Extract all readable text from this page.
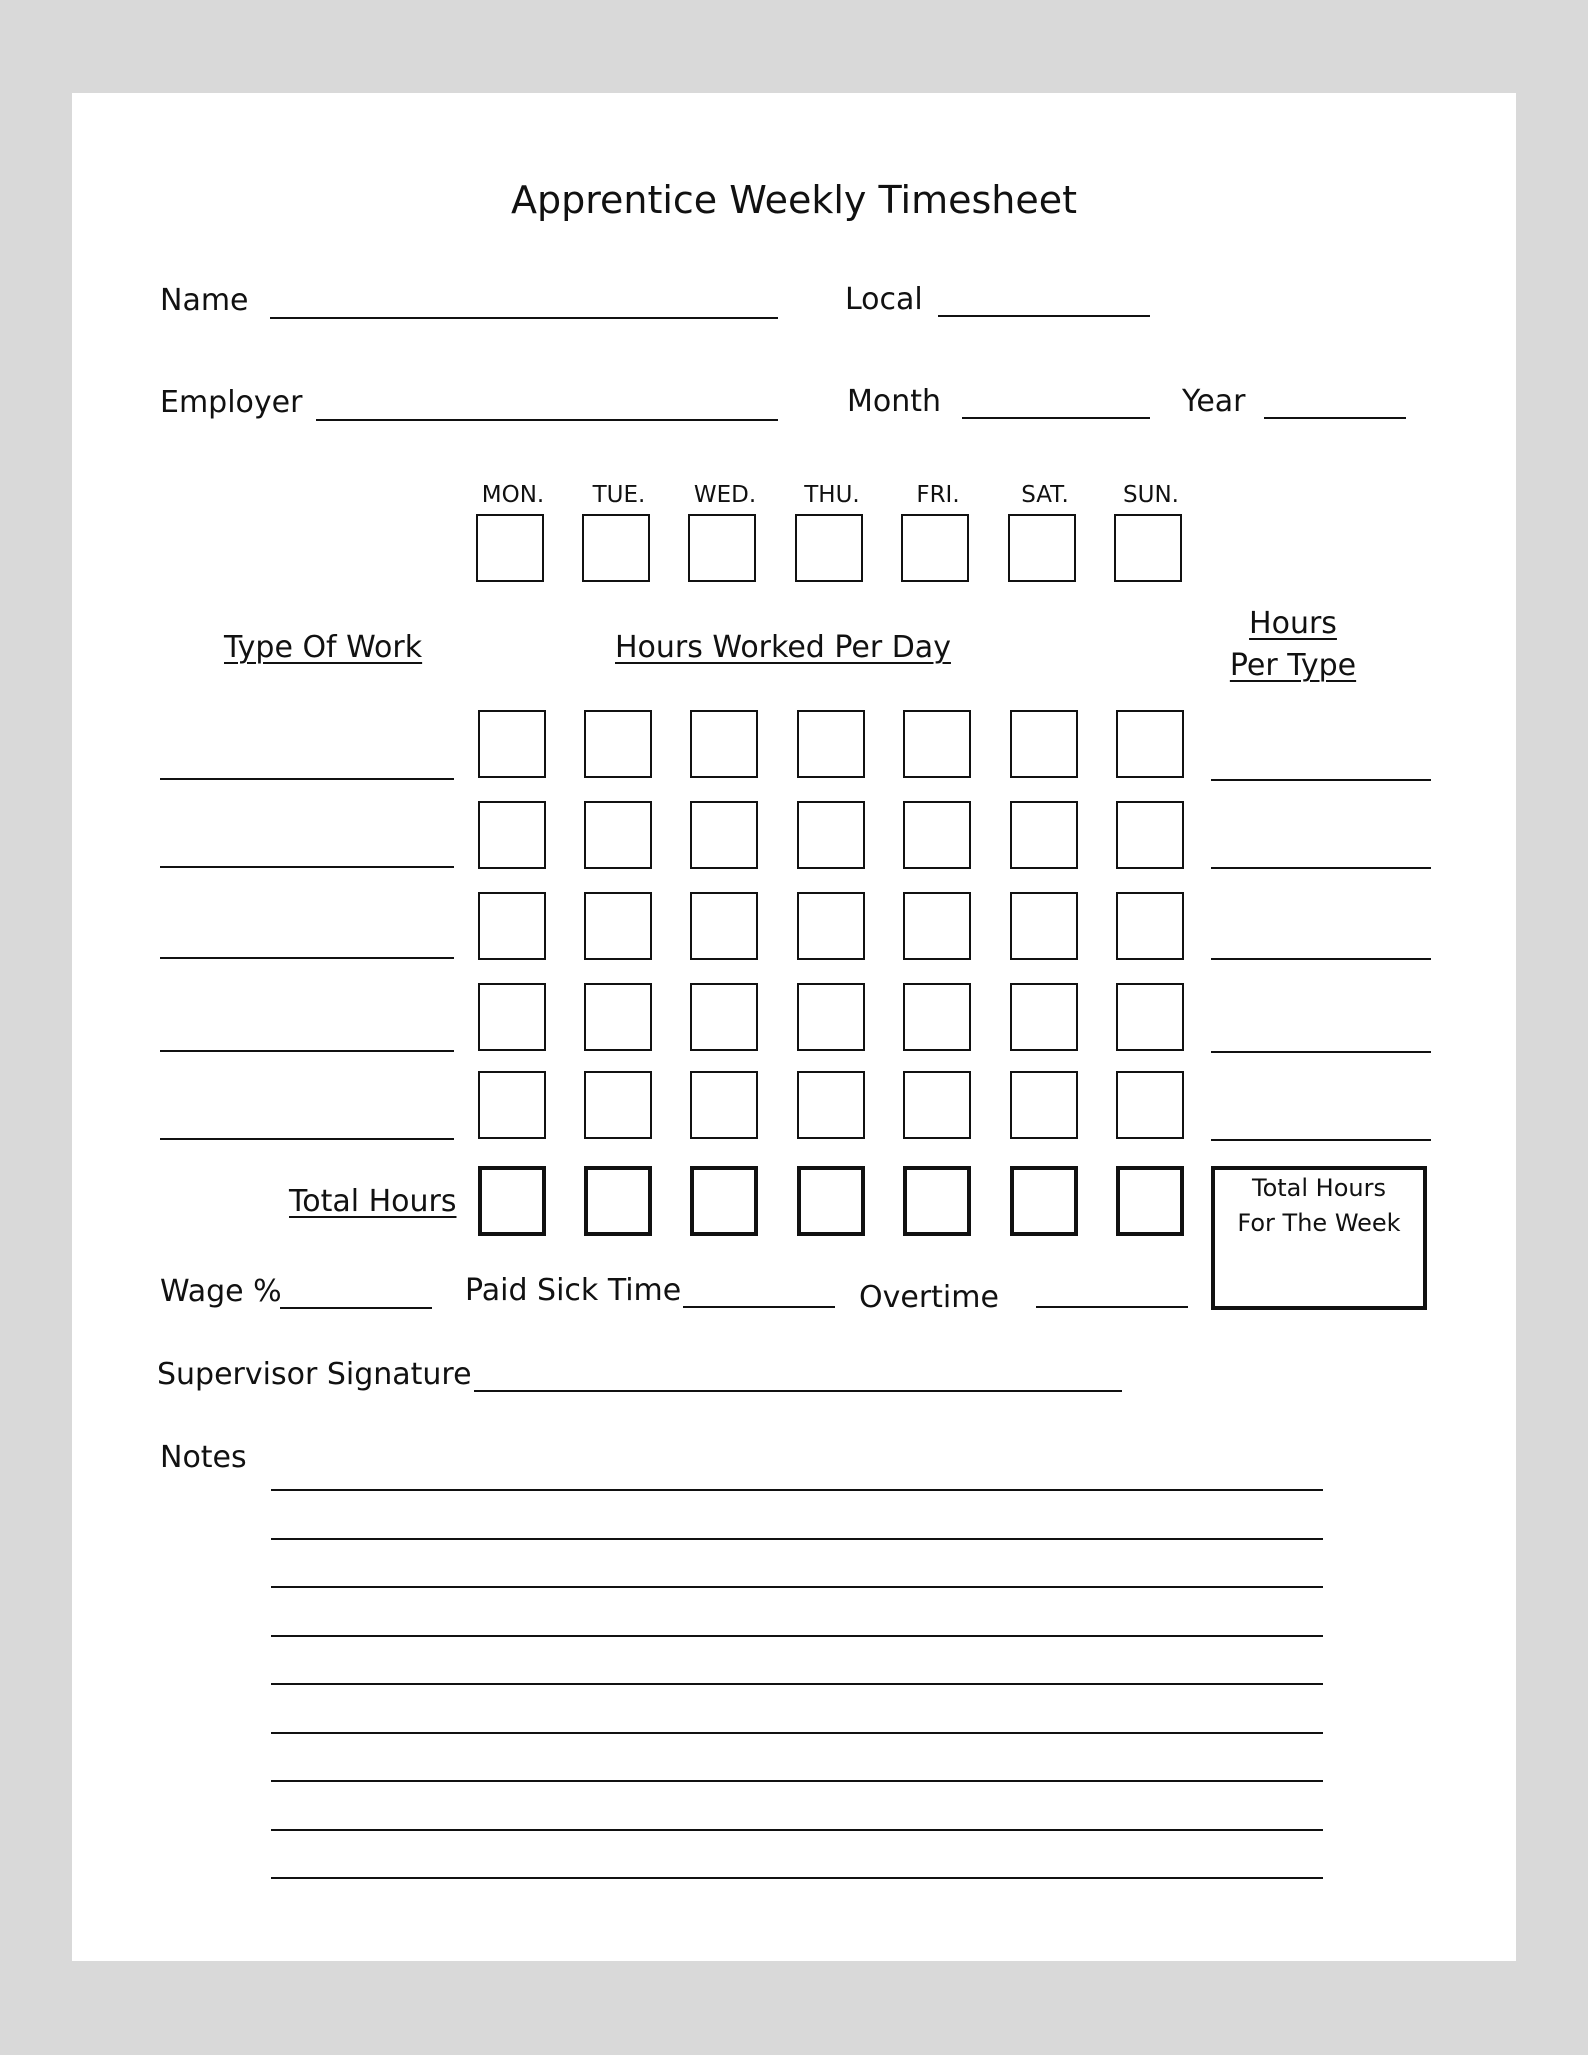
Apprentice Weekly Timesheet
Name	Local
Employer	Month	Year
MON.	TUE.	WED.	THU.	FRI.	SAT.	SUN.
Type Of Work	Hours Worked Per Day
Hours
Per Type
Total Hours	Total Hours
For The Week
Wage %	Paid Sick Time	Overtime
Supervisor Signature
Notes
